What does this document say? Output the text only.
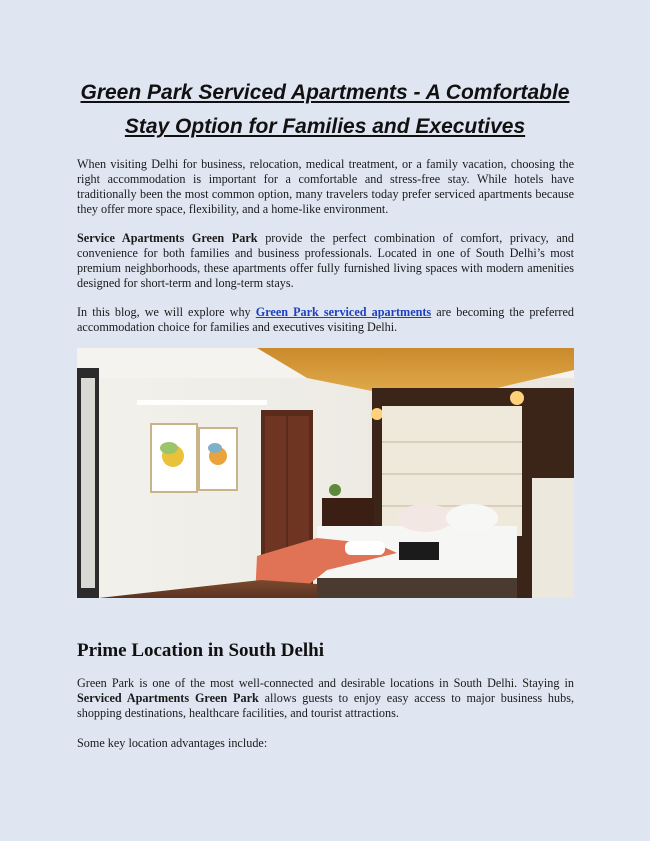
Green Park Serviced Apartments - A Comfortable Stay Option for Families and Executives

When visiting Delhi for business, relocation, medical treatment, or a family vacation, choosing the right accommodation is important for a comfortable and stress-free stay. While hotels have traditionally been the most common option, many travelers today prefer serviced apartments because they offer more space, flexibility, and a home-like environment.

Service Apartments Green Park provide the perfect combination of comfort, privacy, and convenience for both families and business professionals. Located in one of South Delhi’s most premium neighborhoods, these apartments offer fully furnished living spaces with modern amenities designed for short-term and long-term stays.

In this blog, we will explore why Green Park serviced apartments are becoming the preferred accommodation choice for families and executives visiting Delhi.

Prime Location in South Delhi

Green Park is one of the most well-connected and desirable locations in South Delhi. Staying in Serviced Apartments Green Park allows guests to enjoy easy access to major business hubs, shopping destinations, healthcare facilities, and tourist attractions.

Some key location advantages include:
